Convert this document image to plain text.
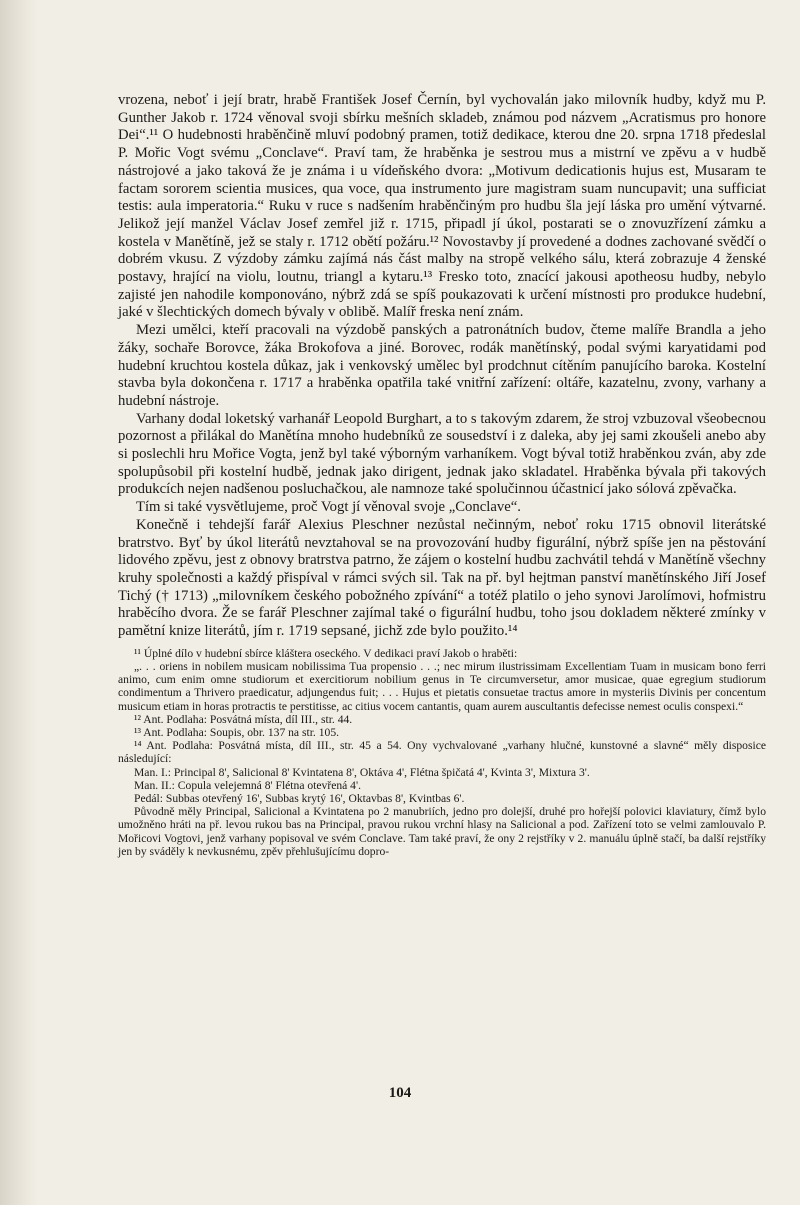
vrozena, neboť i její bratr, hrabě František Josef Černín, byl vychovalán jako milovník hudby, když mu P. Gunther Jakob r. 1724 věnoval svoji sbírku mešních skladeb, známou pod názvem „Acratismus pro honore Dei“.¹¹ O hudebnosti hraběnčině mluví podobný pramen, totiž dedikace, kterou dne 20. srpna 1718 předeslal P. Mořic Vogt svému „Conclave“. Praví tam, že hraběnka je sestrou mus a mistrní ve zpěvu a v hudbě nástrojové a jako taková že je známa i u vídeňského dvora: „Motivum dedicationis hujus est, Musaram te factam sororem scientia musices, qua voce, qua instrumento jure magistram suam nuncupavit; una sufficiat testis: aula imperatoria.“ Ruku v ruce s nadšením hraběnčiným pro hudbu šla její láska pro umění výtvarné. Jelikož její manžel Václav Josef zemřel již r. 1715, připadl jí úkol, postarati se o znovuzřízení zámku a kostela v Manětíně, jež se staly r. 1712 obětí požáru.¹² Novostavby jí provedené a dodnes zachované svědčí o dobrém vkusu. Z výzdoby zámku zajímá nás část malby na stropě velkého sálu, která zobrazuje 4 ženské postavy, hrající na violu, loutnu, triangl a kytaru.¹³ Fresko toto, znacící jakousi apotheosu hudby, nebylo zajisté jen nahodile komponováno, nýbrž zdá se spíš poukazovati k určení místnosti pro produkce hudební, jaké v šlechtických domech bývaly v oblibě. Malíř freska není znám.

Mezi umělci, kteří pracovali na výzdobě panských a patronátních budov, čteme malíře Brandla a jeho žáky, sochaře Borovce, žáka Brokofova a jiné. Borovec, rodák manětínský, podal svými karyatidami pod hudební kruchtou kostela důkaz, jak i venkovský umělec byl prodchnut cítěním panujícího baroka. Kostelní stavba byla dokončena r. 1717 a hraběnka opatřila také vnitřní zařízení: oltáře, kazatelnu, zvony, varhany a hudební nástroje.

Varhany dodal loketský varhanář Leopold Burghart, a to s takovým zdarem, že stroj vzbuzoval všeobecnou pozornost a přilákal do Manětína mnoho hudebníků ze sousedství i z daleka, aby jej sami zkoušeli anebo aby si poslechli hru Mořice Vogta, jenž byl také výborným varhaníkem. Vogt býval totiž hraběnkou zván, aby zde spolupůsobil při kostelní hudbě, jednak jako dirigent, jednak jako skladatel. Hraběnka bývala při takových produkcích nejen nadšenou posluchačkou, ale namnoze také spolučinnou účastnicí jako sólová zpěvačka.

Tím si také vysvětlujeme, proč Vogt jí věnoval svoje „Conclave“.

Konečně i tehdejší farář Alexius Pleschner nezůstal nečinným, neboť roku 1715 obnovil literátské bratrstvo. Byť by úkol literátů nevztahoval se na provozování hudby figurální, nýbrž spíše jen na pěstování lidového zpěvu, jest z obnovy bratrstva patrno, že zájem o kostelní hudbu zachvátil tehdá v Manětíně všechny kruhy společnosti a každý přispíval v rámci svých sil. Tak na př. byl hejtman panství manětínského Jiří Josef Tichý († 1713) „milovníkem českého pobožného zpívání“ a totéž platilo o jeho synovi Jarolímovi, hofmistru hraběcího dvora. Že se farář Pleschner zajímal také o figurální hudbu, toho jsou dokladem některé zmínky v pamětní knize literátů, jím r. 1719 sepsané, jichž zde bylo použito.¹⁴

¹¹ Úplné dílo v hudební sbírce kláštera oseckého. V dedikaci praví Jakob o hraběti:

„. . . oriens in nobilem musicam nobilissima Tua propensio . . .; nec mirum ilustrissimam Excellentiam Tuam in musicam bono ferri animo, cum enim omne studiorum et exercitiorum nobilium genus in Te circumversetur, amor musicae, quae egregium studiorum condimentum a Thrivero praedicatur, adjungendus fuit; . . . Hujus et pietatis consuetae tractus amore in mysteriis Divinis per concentum musicum etiam in horas protractis te perstitisse, ac citius vocem cantantis, quam aurem auscultantis defecisse nemest oculis conspexi.“

¹² Ant. Podlaha: Posvátná místa, díl III., str. 44.

¹³ Ant. Podlaha: Soupis, obr. 137 na str. 105.

¹⁴ Ant. Podlaha: Posvátná místa, díl III., str. 45 a 54. Ony vychvalované „varhany hlučné, kunstovné a slavné“ měly disposice následující:

Man. I.: Principal 8', Salicional 8' Kvintatena 8', Oktáva 4', Flétna špičatá 4', Kvinta 3', Mixtura 3'.

Man. II.: Copula velejemná 8' Flétna otevřená 4'.

Pedál: Subbas otevřený 16', Subbas krytý 16', Oktavbas 8', Kvintbas 6'.

Původně měly Principal, Salicional a Kvintatena po 2 manubriích, jedno pro dolejší, druhé pro hořejší polovici klaviatury, čímž bylo umožněno hráti na př. levou rukou bas na Principal, pravou rukou vrchní hlasy na Salicional a pod. Zařízení toto se velmi zamlouvalo P. Mořicovi Vogtovi, jenž varhany popisoval ve svém Conclave. Tam také praví, že ony 2 rejstříky v 2. manuálu úplně stačí, ba další rejstříky jen by sváděly k nevkusnému, zpěv přehlušujícímu dopro-

104
